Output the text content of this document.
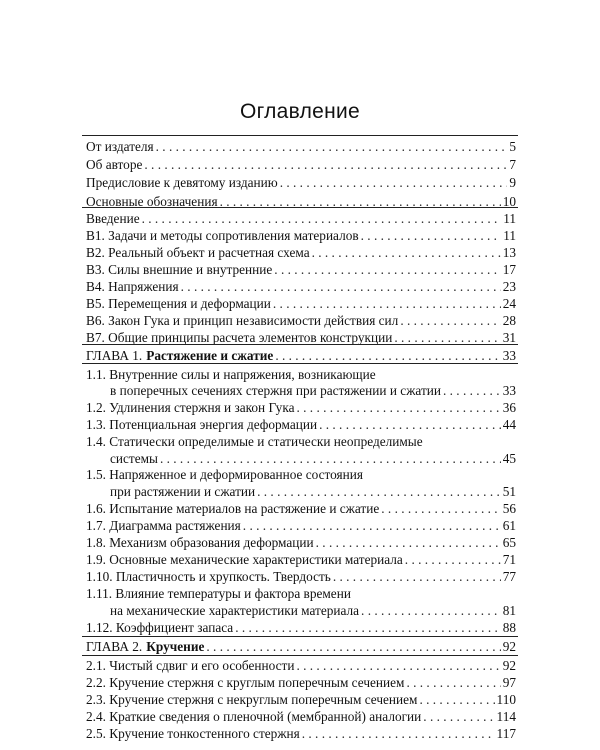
Оглавление
От издателя . . .	5
Об авторе . . .	7
Предисловие к девятому изданию . . .	9
Основные обозначения . . .	10
Введение . . .	11
В1. Задачи и методы сопротивления материалов . . .	11
В2. Реальный объект и расчетная схема . . .	13
В3. Силы внешние и внутренние . . .	17
В4. Напряжения . . .	23
В5. Перемещения и деформации . . .	24
В6. Закон Гука и принцип независимости действия сил . . .	28
В7. Общие принципы расчета элементов конструкции . . .	31
ГЛАВА 1. Растяжение и сжатие . . .	33
1.1. Внутренние силы и напряжения, возникающие
в поперечных сечениях стержня при растяжении и сжатии . . .	33
1.2. Удлинения стержня и закон Гука . . .	36
1.3. Потенциальная энергия деформации . . .	44
1.4. Статически определимые и статически неопределимые
системы . . .	45
1.5. Напряженное и деформированное состояния
при растяжении и сжатии . . .	51
1.6. Испытание материалов на растяжение и сжатие . . .	56
1.7. Диаграмма растяжения . . .	61
1.8. Механизм образования деформации . . .	65
1.9. Основные механические характеристики материала . . .	71
1.10. Пластичность и хрупкость. Твердость . . .	77
1.11. Влияние температуры и фактора времени
на механические характеристики материала . . .	81
1.12. Коэффициент запаса . . .	88
ГЛАВА 2. Кручение . . .	92
2.1. Чистый сдвиг и его особенности . . .	92
2.2. Кручение стержня с круглым поперечным сечением . . .	97
2.3. Кручение стержня с некруглым поперечным сечением . . .	110
2.4. Краткие сведения о пленочной (мембранной) аналогии . . .	114
2.5. Кручение тонкостенного стержня . . .	117
